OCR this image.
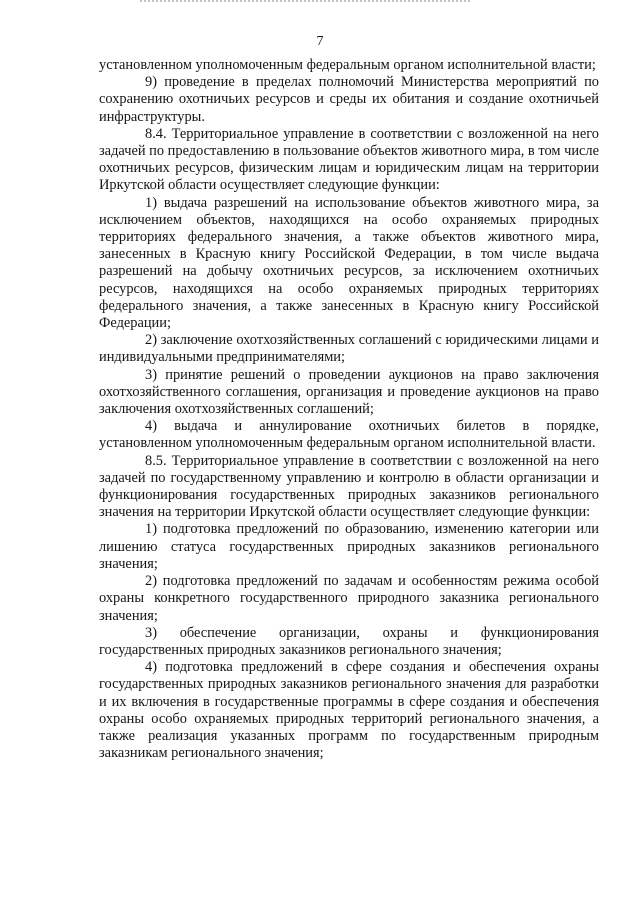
7

установленном уполномоченным федеральным органом исполнительной власти;

9) проведение в пределах полномочий Министерства мероприятий по сохранению охотничьих ресурсов и среды их обитания и создание охотничьей инфраструктуры.

8.4. Территориальное управление в соответствии с возложенной на него задачей по предоставлению в пользование объектов животного мира, в том числе охотничьих ресурсов, физическим лицам и юридическим лицам на территории Иркутской области осуществляет следующие функции:

1) выдача разрешений на использование объектов животного мира, за исключением объектов, находящихся на особо охраняемых природных территориях федерального значения, а также объектов животного мира, занесенных в Красную книгу Российской Федерации, в том числе выдача разрешений на добычу охотничьих ресурсов, за исключением охотничьих ресурсов, находящихся на особо охраняемых природных территориях федерального значения, а также занесенных в Красную книгу Российской Федерации;

2) заключение охотхозяйственных соглашений с юридическими лицами и индивидуальными предпринимателями;

3) принятие решений о проведении аукционов на право заключения охотхозяйственного соглашения, организация и проведение аукционов на право заключения охотхозяйственных соглашений;

4) выдача и аннулирование охотничьих билетов в порядке, установленном уполномоченным федеральным органом исполнительной власти.

8.5. Территориальное управление в соответствии с возложенной на него задачей по государственному управлению и контролю в области организации и функционирования государственных природных заказников регионального значения на территории Иркутской области осуществляет следующие функции:

1) подготовка предложений по образованию, изменению категории или лишению статуса государственных природных заказников регионального значения;

2) подготовка предложений по задачам и особенностям режима особой охраны конкретного государственного природного заказника регионального значения;

3) обеспечение организации, охраны и функционирования государственных природных заказников регионального значения;

4) подготовка предложений в сфере создания и обеспечения охраны государственных природных заказников регионального значения для разработки и их включения в государственные программы в сфере создания и обеспечения охраны особо охраняемых природных территорий регионального значения, а также реализация указанных программ по государственным природным заказникам регионального значения;
